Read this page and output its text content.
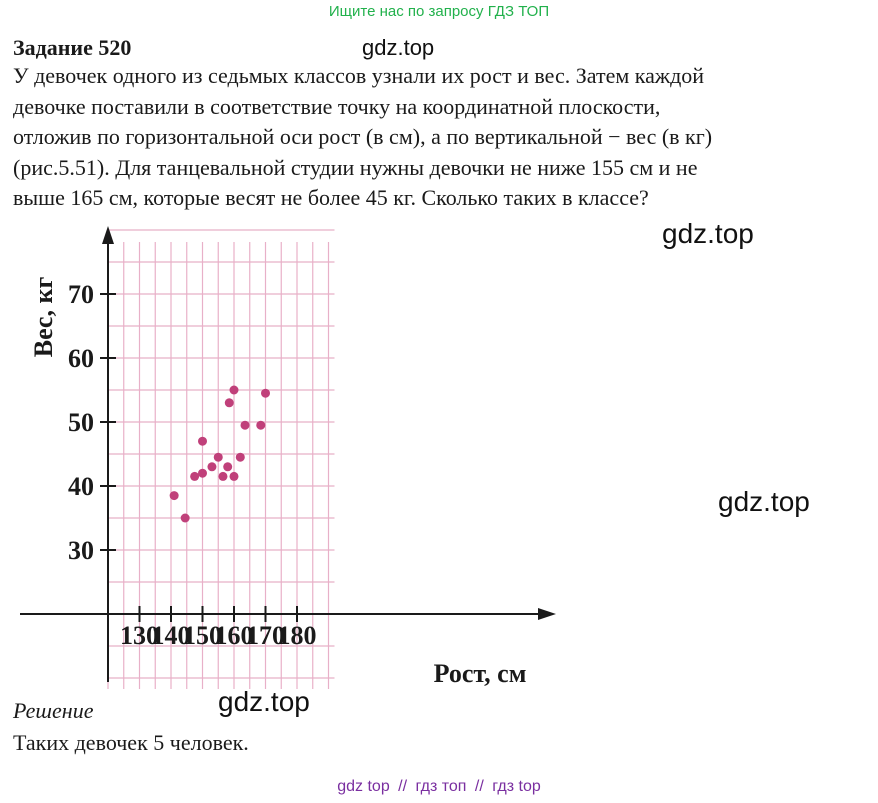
Ищите нас по запросу ГДЗ ТОП
Задание 520
У девочек одного из седьмых классов узнали их рост и вес. Затем каждой
девочке поставили в соответствие точку на координатной плоскости,
отложив по горизонтальной оси рост (в см), а по вертикальной − вес (в кг)
(рис.5.51). Для танцевальной студии нужны девочки не ниже 155 см и не
выше 165 см, которые весят не более 45 кг. Сколько таких в классе?
gdz.top
gdz.top
gdz.top
gdz.top
130
140
150
160
170
180
30
40
50
60
70
Вес, кг
Рост, см
Решение
Таких девочек 5 человек.
gdz top // гдз топ // гдз top
